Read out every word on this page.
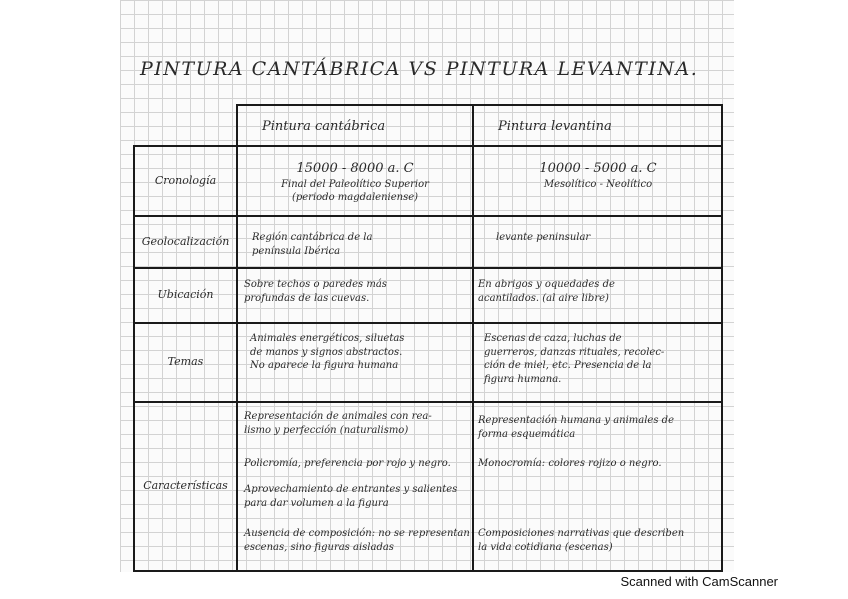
PINTURA CANTÁBRICA VS PINTURA LEVANTINA.
Pintura cantábrica	Pintura levantina
Cronología
Geolocalización
Ubicación
Temas
Características
15000 - 8000 a. C
Final del Paleolítico Superior
(periodo magdaleniense)
10000 - 5000 a. C
Mesolítico - Neolítico
Región cantábrica de la
península Ibérica
levante peninsular
Sobre techos o paredes más
profundas de las cuevas.
En abrigos y oquedades de
acantilados. (al aire libre)
Animales energéticos, siluetas
de manos y signos abstractos.
No aparece la figura humana
Escenas de caza, luchas de
guerreros, danzas rituales, recolec-
ción de miel, etc. Presencia de la
figura humana.
Representación de animales con rea-
lismo y perfección (naturalismo)
Policromía, preferencia por rojo y negro.
Aprovechamiento de entrantes y salientes
para dar volumen a la figura
Ausencia de composición: no se representan
escenas, sino figuras aisladas
Representación humana y animales de
forma esquemática
Monocromía: colores rojizo o negro.
Composiciones narrativas que describen
la vida cotidiana (escenas)
Scanned with CamScanner
